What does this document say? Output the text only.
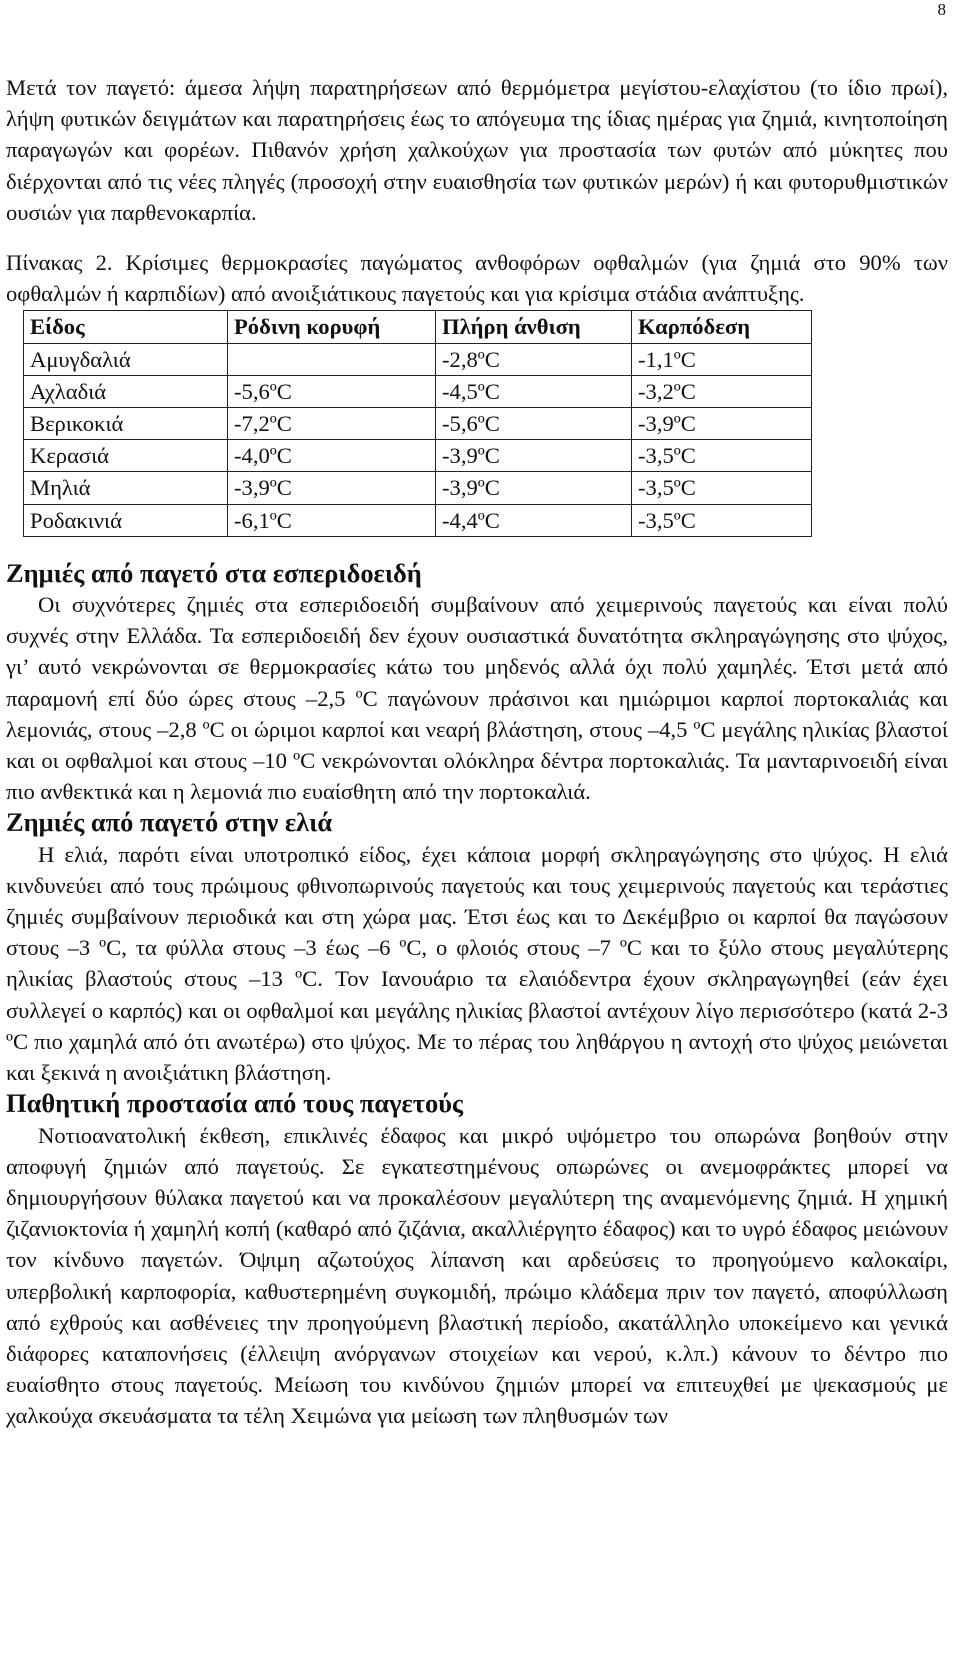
8

Μετά τον παγετό: άμεσα λήψη παρατηρήσεων από θερμόμετρα μεγίστου-ελαχίστου (το ίδιο πρωί), λήψη φυτικών δειγμάτων και παρατηρήσεις έως το απόγευμα της ίδιας ημέρας για ζημιά, κινητοποίηση παραγωγών και φορέων. Πιθανόν χρήση χαλκούχων για προστασία των φυτών από μύκητες που διέρχονται από τις νέες πληγές (προσοχή στην ευαισθησία των φυτικών μερών) ή και φυτορυθμιστικών ουσιών για παρθενοκαρπία.

Πίνακας 2. Κρίσιμες θερμοκρασίες παγώματος ανθοφόρων οφθαλμών (για ζημιά στο 90% των οφθαλμών ή καρπιδίων) από ανοιξιάτικους παγετούς και για κρίσιμα στάδια ανάπτυξης.

Είδος	Ρόδινη κορυφή	Πλήρη άνθιση	Καρπόδεση
Αμυγδαλιά		-2,8ºC	-1,1ºC
Αχλαδιά	-5,6ºC	-4,5ºC	-3,2ºC
Βερικοκιά	-7,2ºC	-5,6ºC	-3,9ºC
Κερασιά	-4,0ºC	-3,9ºC	-3,5ºC
Μηλιά	-3,9ºC	-3,9ºC	-3,5ºC
Ροδακινιά	-6,1ºC	-4,4ºC	-3,5ºC
Ζημιές από παγετό στα εσπεριδοειδή

Οι συχνότερες ζημιές στα εσπεριδοειδή συμβαίνουν από χειμερινούς παγετούς και είναι πολύ συχνές στην Ελλάδα. Τα εσπεριδοειδή δεν έχουν ουσιαστικά δυνατότητα σκληραγώγησης στο ψύχος, γι’ αυτό νεκρώνονται σε θερμοκρασίες κάτω του μηδενός αλλά όχι πολύ χαμηλές. Έτσι μετά από παραμονή επί δύο ώρες στους –2,5 ºC παγώνουν πράσινοι και ημιώριμοι καρποί πορτοκαλιάς και λεμονιάς, στους –2,8 ºC οι ώριμοι καρποί και νεαρή βλάστηση, στους –4,5 ºC μεγάλης ηλικίας βλαστοί και οι οφθαλμοί και στους –10 ºC νεκρώνονται ολόκληρα δέντρα πορτοκαλιάς. Τα μανταρινοειδή είναι πιο ανθεκτικά και η λεμονιά πιο ευαίσθητη από την πορτοκαλιά.

Ζημιές από παγετό στην ελιά

Η ελιά, παρότι είναι υποτροπικό είδος, έχει κάποια μορφή σκληραγώγησης στο ψύχος. Η ελιά κινδυνεύει από τους πρώιμους φθινοπωρινούς παγετούς και τους χειμερινούς παγετούς και τεράστιες ζημιές συμβαίνουν περιοδικά και στη χώρα μας. Έτσι έως και το Δεκέμβριο οι καρποί θα παγώσουν στους –3 ºC, τα φύλλα στους –3 έως –6 ºC, ο φλοιός στους –7 ºC και το ξύλο στους μεγαλύτερης ηλικίας βλαστούς στους –13 ºC. Τον Ιανουάριο τα ελαιόδεντρα έχουν σκληραγωγηθεί (εάν έχει συλλεγεί ο καρπός) και οι οφθαλμοί και μεγάλης ηλικίας βλαστοί αντέχουν λίγο περισσότερο (κατά 2-3 ºC πιο χαμηλά από ότι ανωτέρω) στο ψύχος. Με το πέρας του ληθάργου η αντοχή στο ψύχος μειώνεται και ξεκινά η ανοιξιάτικη βλάστηση.

Παθητική προστασία από τους παγετούς

Νοτιοανατολική έκθεση, επικλινές έδαφος και μικρό υψόμετρο του οπωρώνα βοηθούν στην αποφυγή ζημιών από παγετούς. Σε εγκατεστημένους οπωρώνες οι ανεμοφράκτες μπορεί να δημιουργήσουν θύλακα παγετού και να προκαλέσουν μεγαλύτερη της αναμενόμενης ζημιά. Η χημική ζιζανιοκτονία ή χαμηλή κοπή (καθαρό από ζιζάνια, ακαλλιέργητο έδαφος) και το υγρό έδαφος μειώνουν τον κίνδυνο παγετών. Όψιμη αζωτούχος λίπανση και αρδεύσεις το προηγούμενο καλοκαίρι, υπερβολική καρποφορία, καθυστερημένη συγκομιδή, πρώιμο κλάδεμα πριν τον παγετό, αποφύλλωση από εχθρούς και ασθένειες την προηγούμενη βλαστική περίοδο, ακατάλληλο υποκείμενο και γενικά διάφορες καταπονήσεις (έλλειψη ανόργανων στοιχείων και νερού, κ.λπ.) κάνουν το δέντρο πιο ευαίσθητο στους παγετούς. Μείωση του κινδύνου ζημιών μπορεί να επιτευχθεί με ψεκασμούς με χαλκούχα σκευάσματα τα τέλη Χειμώνα για μείωση των πληθυσμών των
